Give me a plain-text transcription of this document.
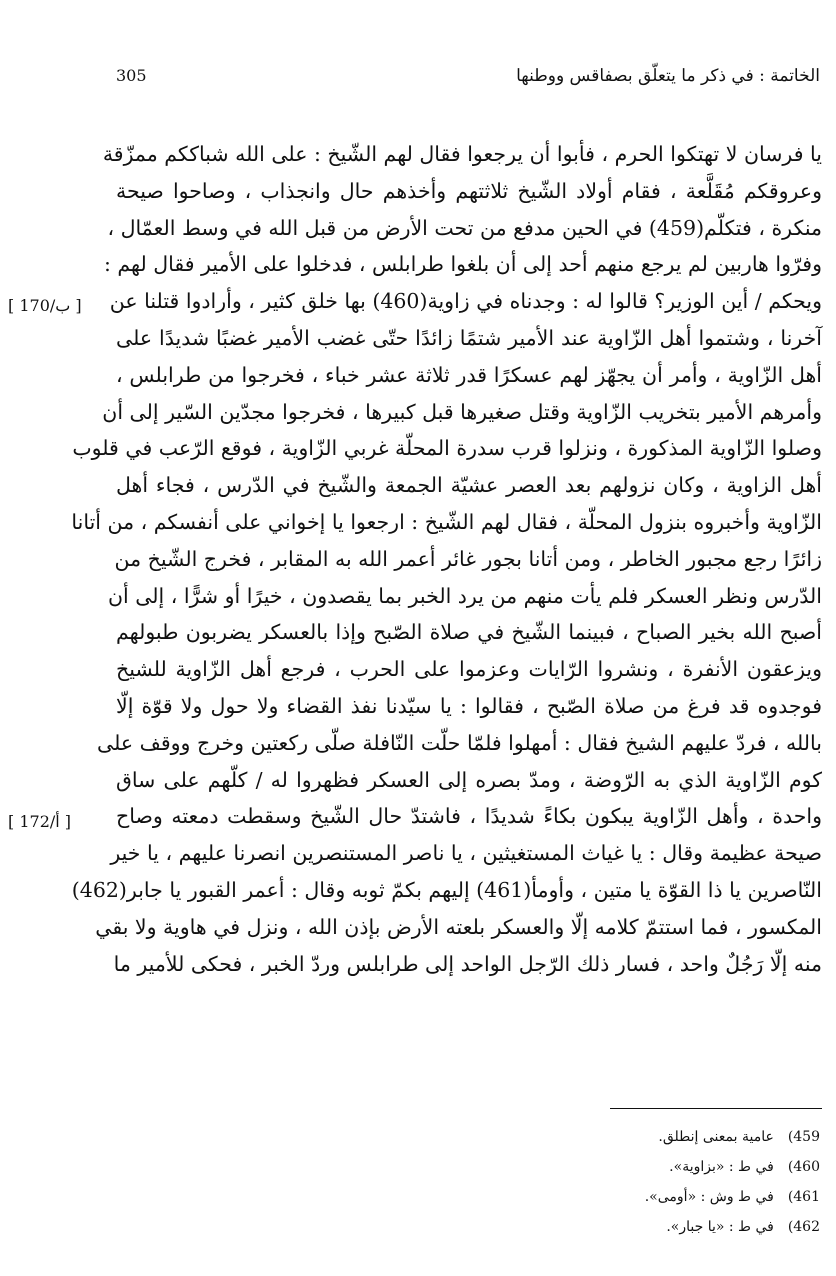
305	الخاتمة : في ذكر ما يتعلّق بصفاقس ووطنها
يا فرسان لا تهتكوا الحرم ، فأبوا أن يرجعوا فقال لهم الشّيخ : على الله شباككم ممزّقة
وعروقكم مُقَلَّعة ، فقام أولاد الشّيخ ثلاثتهم وأخذهم حال وانجذاب ، وصاحوا صيحة
منكرة ، فتكلّم(459) في الحين مدفع من تحت الأرض من قبل الله في وسط العمّال ،
وفرّوا هاربين لم يرجع منهم أحد إلى أن بلغوا طرابلس ، فدخلوا على الأمير فقال لهم :
ويحكم / أين الوزير؟ قالوا له : وجدناه في زاوية(460) بها خلق كثير ، وأرادوا قتلنا عن
آخرنا ، وشتموا أهل الزّاوية عند الأمير شتمًا زائدًا حتّى غضب الأمير غضبًا شديدًا على
أهل الزّاوية ، وأمر أن يجهّز لهم عسكرًا قدر ثلاثة عشر خباء ، فخرجوا من طرابلس ،
وأمرهم الأمير بتخريب الزّاوية وقتل صغيرها قبل كبيرها ، فخرجوا مجدّين السّير إلى أن
وصلوا الزّاوية المذكورة ، ونزلوا قرب سدرة المحلّة غربي الزّاوية ، فوقع الرّعب في قلوب
أهل الزاوية ، وكان نزولهم بعد العصر عشيّة الجمعة والشّيخ في الدّرس ، فجاء أهل
الزّاوية وأخبروه بنزول المحلّة ، فقال لهم الشّيخ : ارجعوا يا إخواني على أنفسكم ، من أتانا
زائرًا رجع مجبور الخاطر ، ومن أتانا بجور غائر أعمر الله به المقابر ، فخرج الشّيخ من
الدّرس ونظر العسكر فلم يأت منهم من يرد الخبر بما يقصدون ، خيرًا أو شرًّا ، إلى أن
أصبح الله بخير الصباح ، فبينما الشّيخ في صلاة الصّبح وإذا بالعسكر يضربون طبولهم
ويزعقون الأنفرة ، ونشروا الرّايات وعزموا على الحرب ، فرجع أهل الزّاوية للشيخ
فوجدوه قد فرغ من صلاة الصّبح ، فقالوا : يا سيّدنا نفذ القضاء ولا حول ولا قوّة إلّا
بالله ، فردّ عليهم الشيخ فقال : أمهلوا فلمّا حلّت النّافلة صلّى ركعتين وخرج ووقف على
كوم الزّاوية الذي به الرّوضة ، ومدّ بصره إلى العسكر فظهروا له / كلّهم على ساق
واحدة ، وأهل الزّاوية يبكون بكاءً شديدًا ، فاشتدّ حال الشّيخ وسقطت دمعته وصاح
صيحة عظيمة وقال : يا غياث المستغيثين ، يا ناصر المستنصرين انصرنا عليهم ، يا خير
النّاصرين يا ذا القوّة يا متين ، وأومأ(461) إليهم بكمّ ثوبه وقال : أعمر القبور يا جابر(462)
المكسور ، فما استتمّ كلامه إلّا والعسكر بلعته الأرض بإذن الله ، ونزل في هاوية ولا بقي
منه إلّا رَجُلٌ واحد ، فسار ذلك الرّجل الواحد إلى طرابلس وردّ الخبر ، فحكى للأمير ما
[ 170/ب ]
[ 172/أ ]
(459عامية بمعنى إنطلق.
(460في ط : «بزاوية».
(461في ط وش : «أومى».
(462في ط : «يا جبار».
